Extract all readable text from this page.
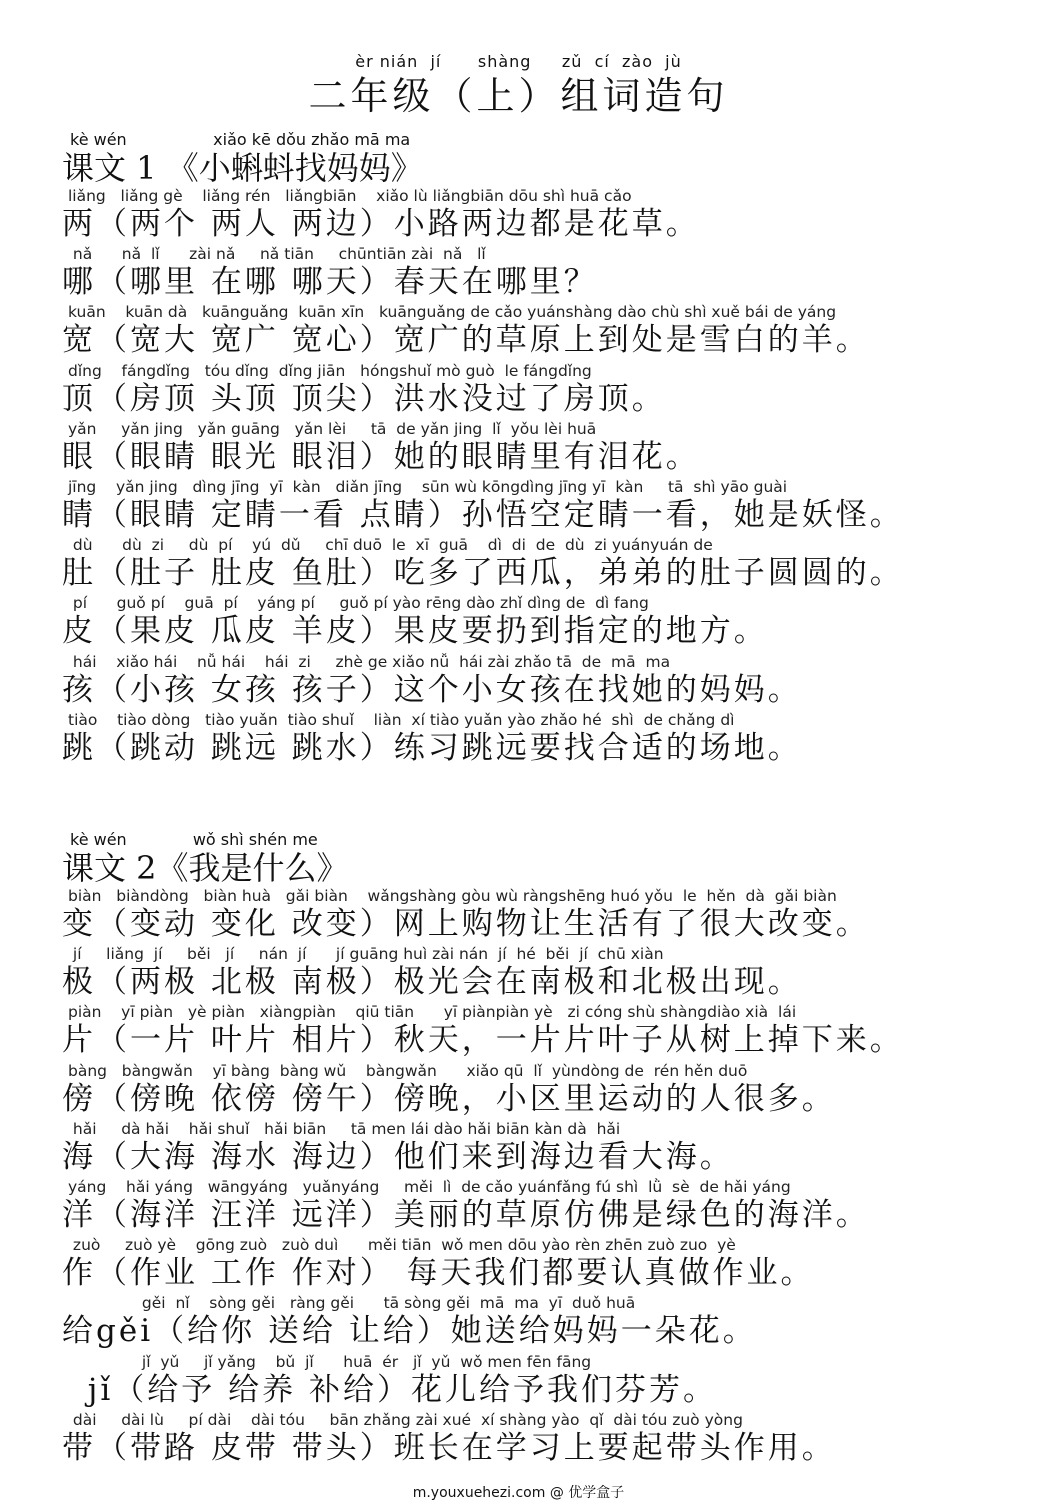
èr nián  jí      shàng     zǔ  cí  zào  jù
二年级（上）组词造句
kè wén                 xiǎo kē dǒu zhǎo mā ma
课文 1 《小蝌蚪找妈妈》
liǎng   liǎng gè    liǎng rén   liǎngbiān    xiǎo lù liǎngbiān dōu shì huā cǎo
两（两个 两人 两边）小路两边都是花草。
nǎ      nǎ  lǐ      zài nǎ     nǎ tiān     chūntiān zài  nǎ   lǐ
哪（哪里 在哪 哪天）春天在哪里？
kuān    kuān dà   kuānguǎng  kuān xīn   kuānguǎng de cǎo yuánshàng dào chù shì xuě bái de yáng
宽（宽大 宽广 宽心）宽广的草原上到处是雪白的羊。
dǐng    fángdǐng   tóu dǐng  dǐng jiān   hóngshuǐ mò guò  le fángdǐng
顶（房顶 头顶 顶尖）洪水没过了房顶。
yǎn     yǎn jing   yǎn guāng   yǎn lèi     tā  de yǎn jing  lǐ  yǒu lèi huā
眼（眼睛 眼光 眼泪）她的眼睛里有泪花。
jīng    yǎn jing   dìng jīng  yī  kàn   diǎn jīng    sūn wù kōngdìng jīng yī  kàn     tā  shì yāo guài
睛（眼睛 定睛一看 点睛）孙悟空定睛一看，她是妖怪。
dù      dù  zi     dù  pí    yú  dǔ     chī duō  le  xī  guā    dì  di  de  dù  zi yuányuán de
肚（肚子 肚皮 鱼肚）吃多了西瓜，弟弟的肚子圆圆的。
pí      guǒ pí    guā  pí    yáng pí     guǒ pí yào rēng dào zhǐ dìng de  dì fang
皮（果皮 瓜皮 羊皮）果皮要扔到指定的地方。
hái    xiǎo hái    nǚ hái    hái  zi     zhè ge xiǎo nǚ  hái zài zhǎo tā  de  mā  ma
孩（小孩 女孩 孩子）这个小女孩在找她的妈妈。
tiào    tiào dòng   tiào yuǎn  tiào shuǐ    liàn  xí tiào yuǎn yào zhǎo hé  shì  de chǎng dì
跳（跳动 跳远 跳水）练习跳远要找合适的场地。
kè wén             wǒ shì shén me
课文 2《我是什么》
biàn   biàndòng   biàn huà   gǎi biàn    wǎngshàng gòu wù ràngshēng huó yǒu  le  hěn  dà  gǎi biàn
变（变动 变化 改变）网上购物让生活有了很大改变。
jí     liǎng  jí     běi   jí     nán  jí      jí guāng huì zài nán  jí  hé  běi  jí  chū xiàn
极（两极 北极 南极）极光会在南极和北极出现。
piàn    yī piàn   yè piàn   xiàngpiàn    qiū tiān      yī piànpiàn yè   zi cóng shù shàngdiào xià  lái
片（一片 叶片 相片）秋天，一片片叶子从树上掉下来。
bàng   bàngwǎn    yī bàng  bàng wǔ    bàngwǎn      xiǎo qū  lǐ  yùndòng de  rén hěn duō
傍（傍晚 依傍 傍午）傍晚，小区里运动的人很多。
hǎi     dà hǎi    hǎi shuǐ   hǎi biān     tā men lái dào hǎi biān kàn dà  hǎi
海（大海 海水 海边）他们来到海边看大海。
yáng    hǎi yáng   wāngyáng   yuǎnyáng     měi  lì  de cǎo yuánfǎng fú shì  lǜ  sè  de hǎi yáng
洋（海洋 汪洋 远洋）美丽的草原仿佛是绿色的海洋。
zuò     zuò yè    gōng zuò   zuò duì      měi tiān  wǒ men dōu yào rèn zhēn zuò zuo  yè
作（作业 工作 作对） 每天我们都要认真做作业。
gěi  nǐ    sòng gěi   ràng gěi      tā sòng gěi  mā  ma  yī  duǒ huā
给gěi（给你 送给 让给）她送给妈妈一朵花。
jǐ  yǔ     jǐ yǎng    bǔ  jǐ      huā  ér   jǐ  yǔ  wǒ men fēn fāng
jǐ（给予 给养 补给）花儿给予我们芬芳。
dài     dài lù     pí dài    dài tóu     bān zhǎng zài xué  xí shàng yào  qǐ  dài tóu zuò yòng
带（带路 皮带 带头）班长在学习上要起带头作用。
m.youxuehezi.com @ 优学盒子
